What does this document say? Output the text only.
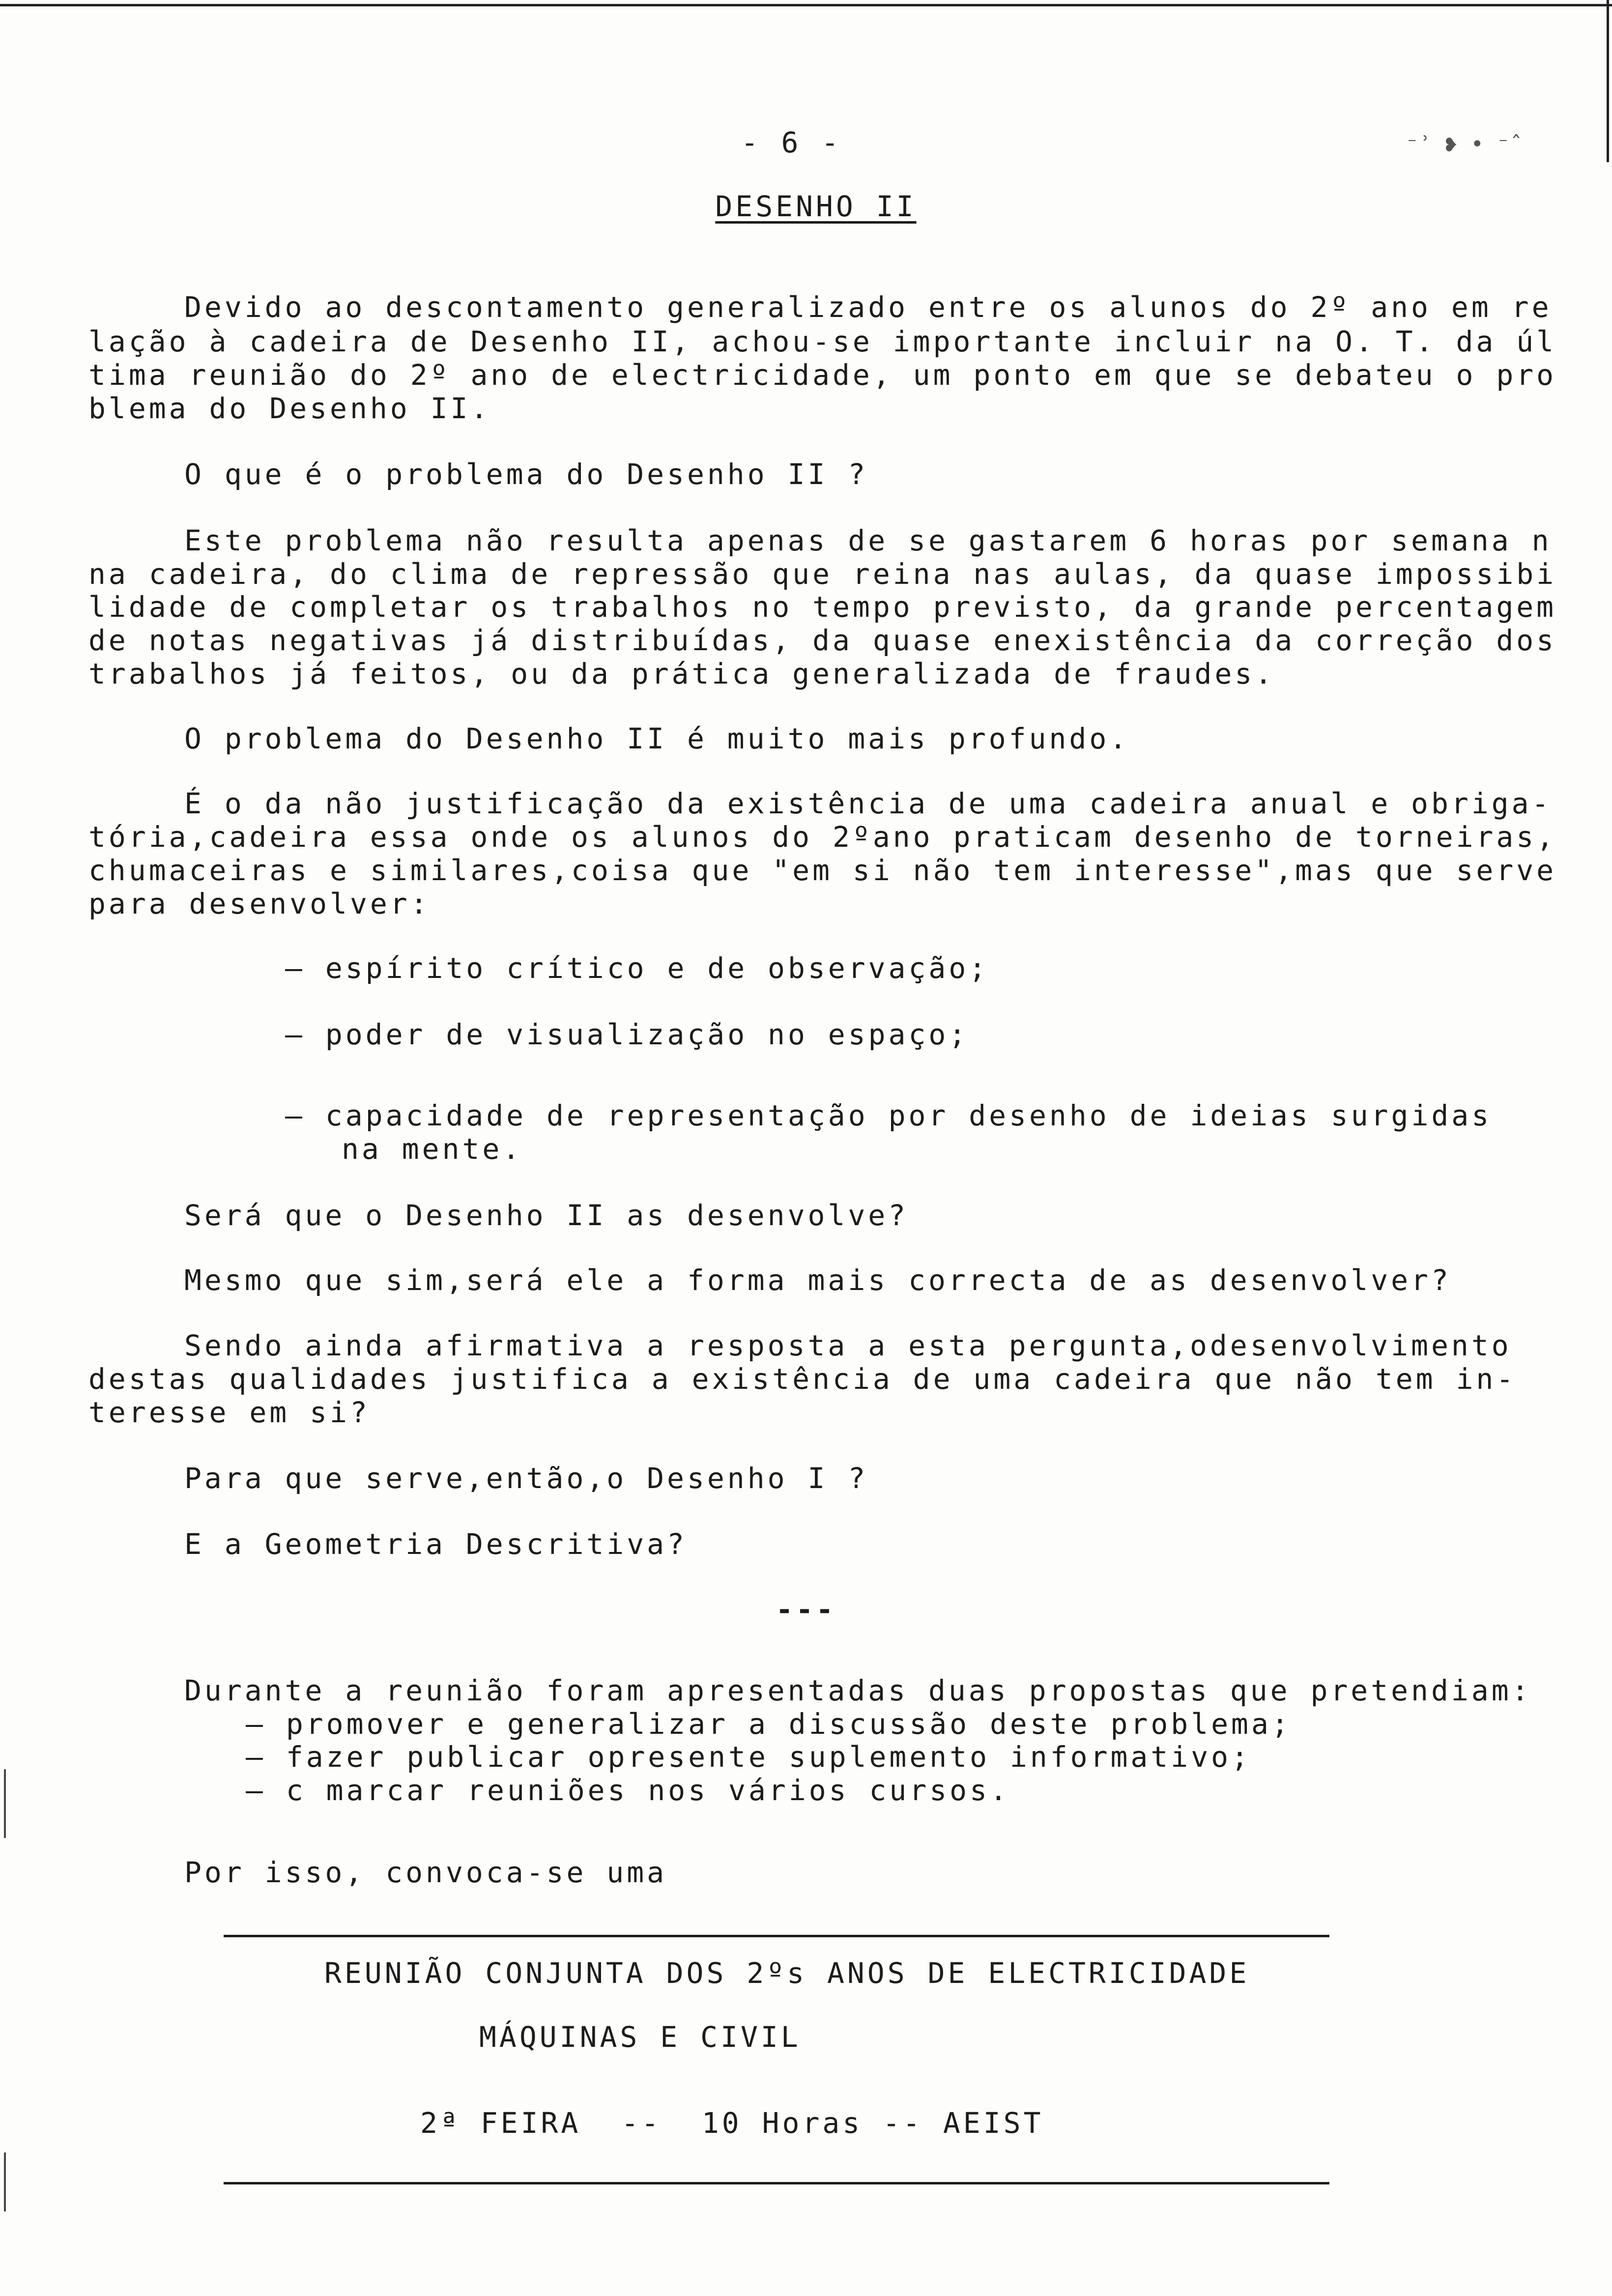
- 6 -	⁻ʾ ❥ • ⁻ˆ

DESENHO II

Devido ao descontamento generalizado entre os alunos do 2º ano em re

lação à cadeira de Desenho II, achou-se importante incluir na O. T. da úl

tima reunião do 2º ano de electricidade, um ponto em que se debateu o pro

blema do Desenho II.

O que é o problema do Desenho II ?

Este problema não resulta apenas de se gastarem 6 horas por semana n

na cadeira, do clima de repressão que reina nas aulas, da quase impossibi

lidade de completar os trabalhos no tempo previsto, da grande percentagem

de notas negativas já distribuídas, da quase enexistência da correção dos

trabalhos já feitos, ou da prática generalizada de fraudes.

O problema do Desenho II é muito mais profundo.

É o da não justificação da existência de uma cadeira anual e obriga-

tória,cadeira essa onde os alunos do 2ºano praticam desenho de torneiras,

chumaceiras e similares,coisa que "em si não tem interesse",mas que serve

para desenvolver:

— espírito crítico e de observação;

— poder de visualização no espaço;

— capacidade de representação por desenho de ideias surgidas

na mente.

Será que o Desenho II as desenvolve?

Mesmo que sim,será ele a forma mais correcta de as desenvolver?

Sendo ainda afirmativa a resposta a esta pergunta,odesenvolvimento

destas qualidades justifica a existência de uma cadeira que não tem in-

teresse em si?

Para que serve,então,o Desenho I ?

E a Geometria Descritiva?

---

Durante a reunião foram apresentadas duas propostas que pretendiam:

— promover e generalizar a discussão deste problema;

— fazer publicar opresente suplemento informativo;

— c marcar reuniões nos vários cursos.

Por isso, convoca-se uma

REUNIÃO CONJUNTA DOS 2ºs ANOS DE ELECTRICIDADE

MÁQUINAS E CIVIL

2ª FEIRA  --  10 Horas -- AEIST
